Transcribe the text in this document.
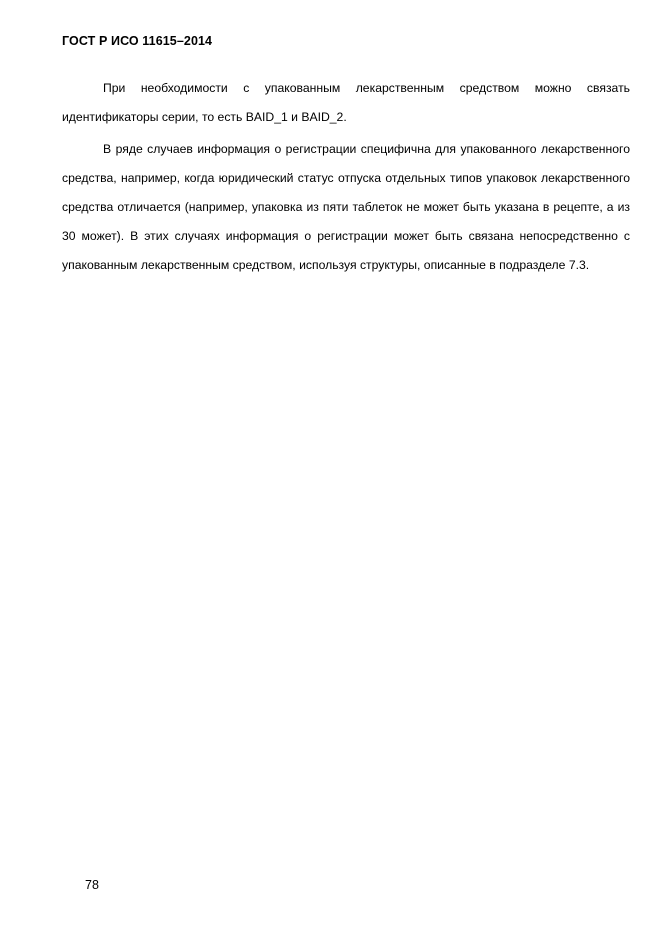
ГОСТ Р ИСО 11615–2014

При необходимости с упакованным лекарственным средством можно связать идентификаторы серии, то есть BAID_1 и BAID_2.

В ряде случаев информация о регистрации специфична для упакованного лекарственного средства, например, когда юридический статус отпуска отдельных типов упаковок лекарственного средства отличается (например, упаковка из пяти таблеток не может быть указана в рецепте, а из 30 может). В этих случаях информация о регистрации может быть связана непосредственно с упакованным лекарственным средством, используя структуры, описанные в подразделе 7.3.

78
